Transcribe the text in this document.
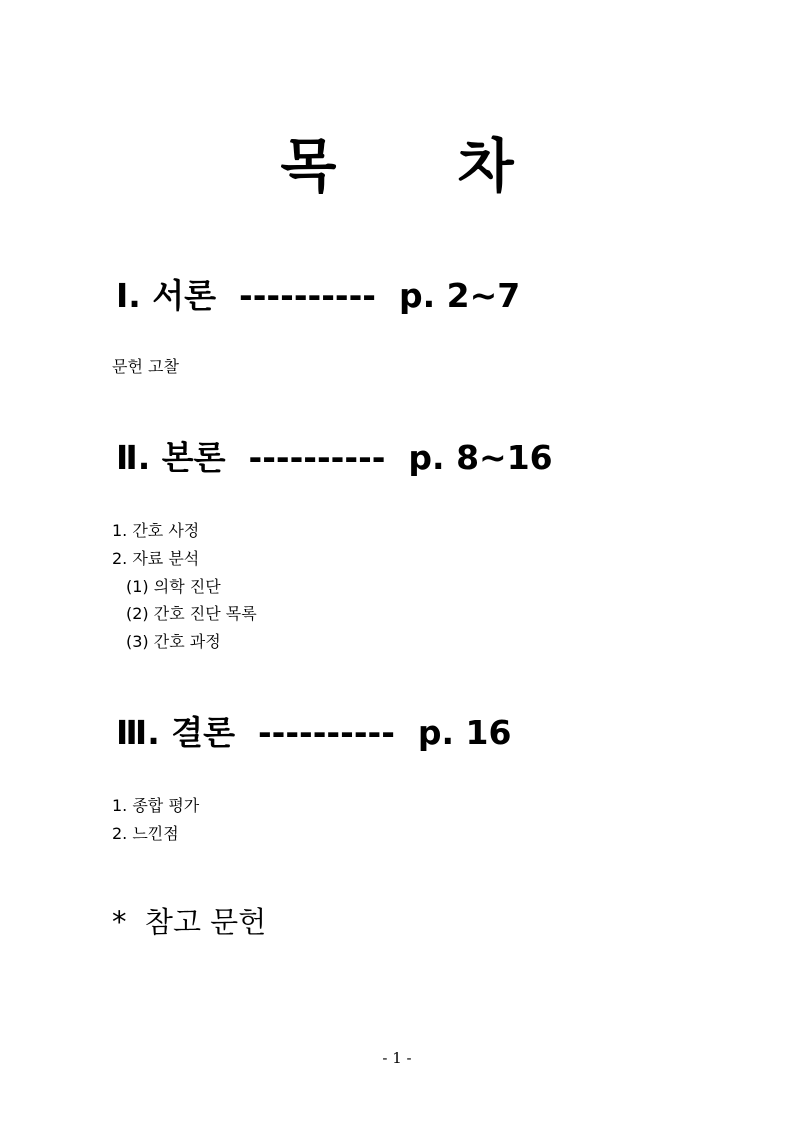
목      차
Ⅰ. 서론  ----------  p. 2~7
문헌 고찰
Ⅱ. 본론  ----------  p. 8~16
1. 간호 사정
2. 자료 분석
(1) 의학 진단
(2) 간호 진단 목록
(3) 간호 과정
Ⅲ. 결론  ----------  p. 16
1. 종합 평가
2. 느낀점
*  참고 문헌
- 1 -
